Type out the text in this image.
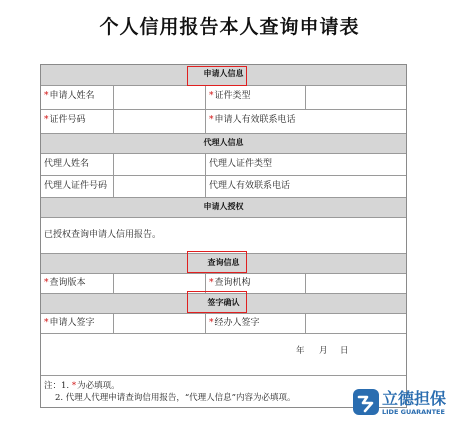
个人信用报告本人查询申请表
申请人信息
*申请人姓名	*证件类型
*证件号码	*申请人有效联系电话
代理人信息
代理人姓名	代理人证件类型
代理人证件号码	代理人有效联系电话
申请人授权
已授权查询申请人信用报告。
查询信息
*查询版本	*查询机构
签字确认
*申请人签字	*经办人签字
年 月 日
注：1. *为必填项。
2. 代理人代理申请查询信用报告，“代理人信息”内容为必填项。	立德担保
LIDE GUARANTEE
